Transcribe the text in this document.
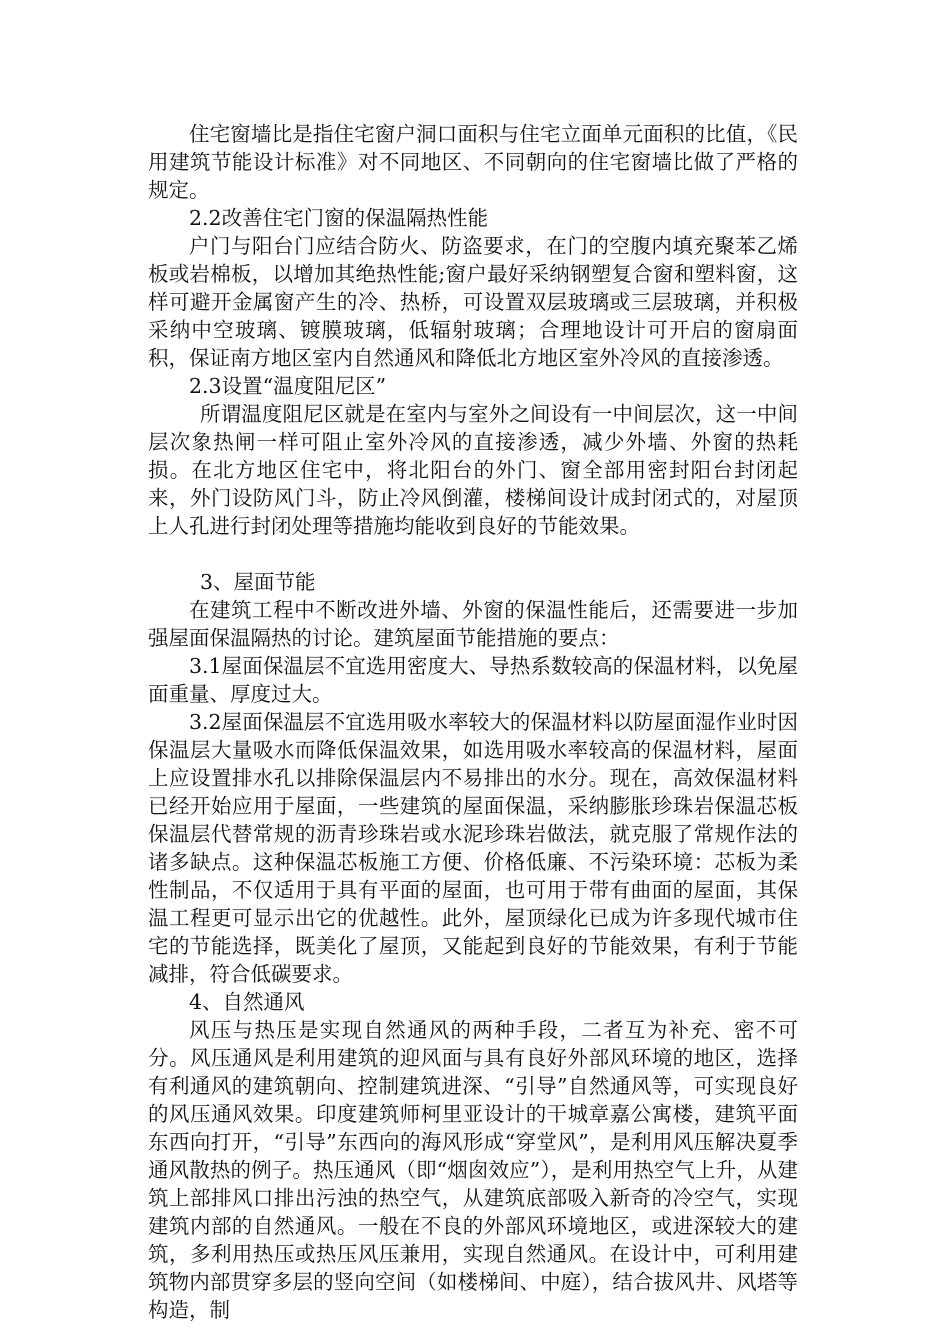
住宅窗墙比是指住宅窗户洞口面积与住宅立面单元面积的比值，《民用建筑节能设计标准》对不同地区、不同朝向的住宅窗墙比做了严格的规定。

2.2改善住宅门窗的保温隔热性能

户门与阳台门应结合防火、防盗要求，在门的空腹内填充聚苯乙烯板或岩棉板，以增加其绝热性能;窗户最好采纳钢塑复合窗和塑料窗，这样可避开金属窗产生的冷、热桥，可设置双层玻璃或三层玻璃，并积极采纳中空玻璃、镀膜玻璃，低辐射玻璃；合理地设计可开启的窗扇面积，保证南方地区室内自然通风和降低北方地区室外冷风的直接渗透。

2.3设置“温度阻尼区”

所谓温度阻尼区就是在室内与室外之间设有一中间层次，这一中间层次象热闸一样可阻止室外冷风的直接渗透，减少外墙、外窗的热耗损。在北方地区住宅中，将北阳台的外门、窗全部用密封阳台封闭起来，外门设防风门斗，防止冷风倒灌，楼梯间设计成封闭式的，对屋顶上人孔进行封闭处理等措施均能收到良好的节能效果。

3、屋面节能

在建筑工程中不断改进外墙、外窗的保温性能后，还需要进一步加强屋面保温隔热的讨论。建筑屋面节能措施的要点：

3.1屋面保温层不宜选用密度大、导热系数较高的保温材料，以免屋面重量、厚度过大。

3.2屋面保温层不宜选用吸水率较大的保温材料以防屋面湿作业时因保温层大量吸水而降低保温效果，如选用吸水率较高的保温材料，屋面上应设置排水孔以排除保温层内不易排出的水分。现在，高效保温材料已经开始应用于屋面，一些建筑的屋面保温，采纳膨胀珍珠岩保温芯板保温层代替常规的沥青珍珠岩或水泥珍珠岩做法，就克服了常规作法的诸多缺点。这种保温芯板施工方便、价格低廉、不污染环境：芯板为柔性制品，不仅适用于具有平面的屋面，也可用于带有曲面的屋面，其保温工程更可显示出它的优越性。此外，屋顶绿化已成为许多现代城市住宅的节能选择，既美化了屋顶，又能起到良好的节能效果，有利于节能减排，符合低碳要求。

4、自然通风

风压与热压是实现自然通风的两种手段，二者互为补充、密不可分。风压通风是利用建筑的迎风面与具有良好外部风环境的地区，选择有利通风的建筑朝向、控制建筑进深、“引导”自然通风等，可实现良好的风压通风效果。印度建筑师柯里亚设计的干城章嘉公寓楼，建筑平面东西向打开，“引导”东西向的海风形成“穿堂风”，是利用风压解决夏季通风散热的例子。热压通风（即“烟囱效应”），是利用热空气上升，从建筑上部排风口排出污浊的热空气，从建筑底部吸入新奇的冷空气，实现建筑内部的自然通风。一般在不良的外部风环境地区，或进深较大的建筑，多利用热压或热压风压兼用，实现自然通风。在设计中，可利用建筑物内部贯穿多层的竖向空间（如楼梯间、中庭），结合拔风井、风塔等构造，制
